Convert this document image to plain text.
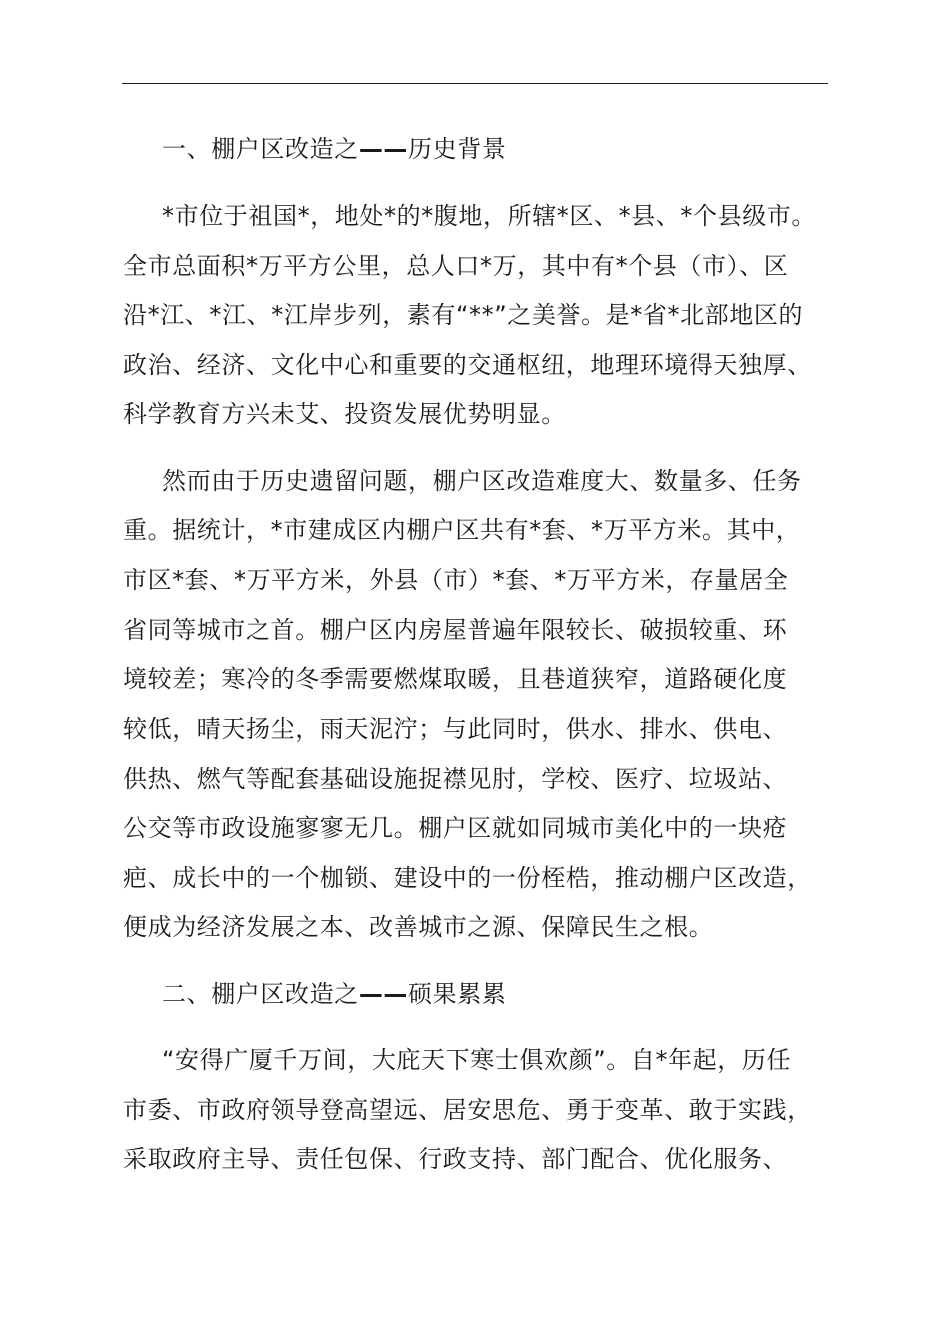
一、棚户区改造之——历史背景
*市位于祖国*，地处*的*腹地，所辖*区、*县、*个县级市。
全市总面积*万平方公里，总人口*万，其中有*个县（市）、区
沿*江、*江、*江岸步列，素有“**”之美誉。是*省*北部地区的
政治、经济、文化中心和重要的交通枢纽，地理环境得天独厚、
科学教育方兴未艾、投资发展优势明显。
然而由于历史遗留问题，棚户区改造难度大、数量多、任务
重。据统计，*市建成区内棚户区共有*套、*万平方米。其中，
市区*套、*万平方米，外县（市）*套、*万平方米，存量居全
省同等城市之首。棚户区内房屋普遍年限较长、破损较重、环
境较差；寒冷的冬季需要燃煤取暖，且巷道狭窄，道路硬化度
较低，晴天扬尘，雨天泥泞；与此同时，供水、排水、供电、
供热、燃气等配套基础设施捉襟见肘，学校、医疗、垃圾站、
公交等市政设施寥寥无几。棚户区就如同城市美化中的一块疮
疤、成长中的一个枷锁、建设中的一份桎梏，推动棚户区改造，
便成为经济发展之本、改善城市之源、保障民生之根。
二、棚户区改造之——硕果累累
“安得广厦千万间，大庇天下寒士俱欢颜”。自*年起，历任
市委、市政府领导登高望远、居安思危、勇于变革、敢于实践，
采取政府主导、责任包保、行政支持、部门配合、优化服务、
